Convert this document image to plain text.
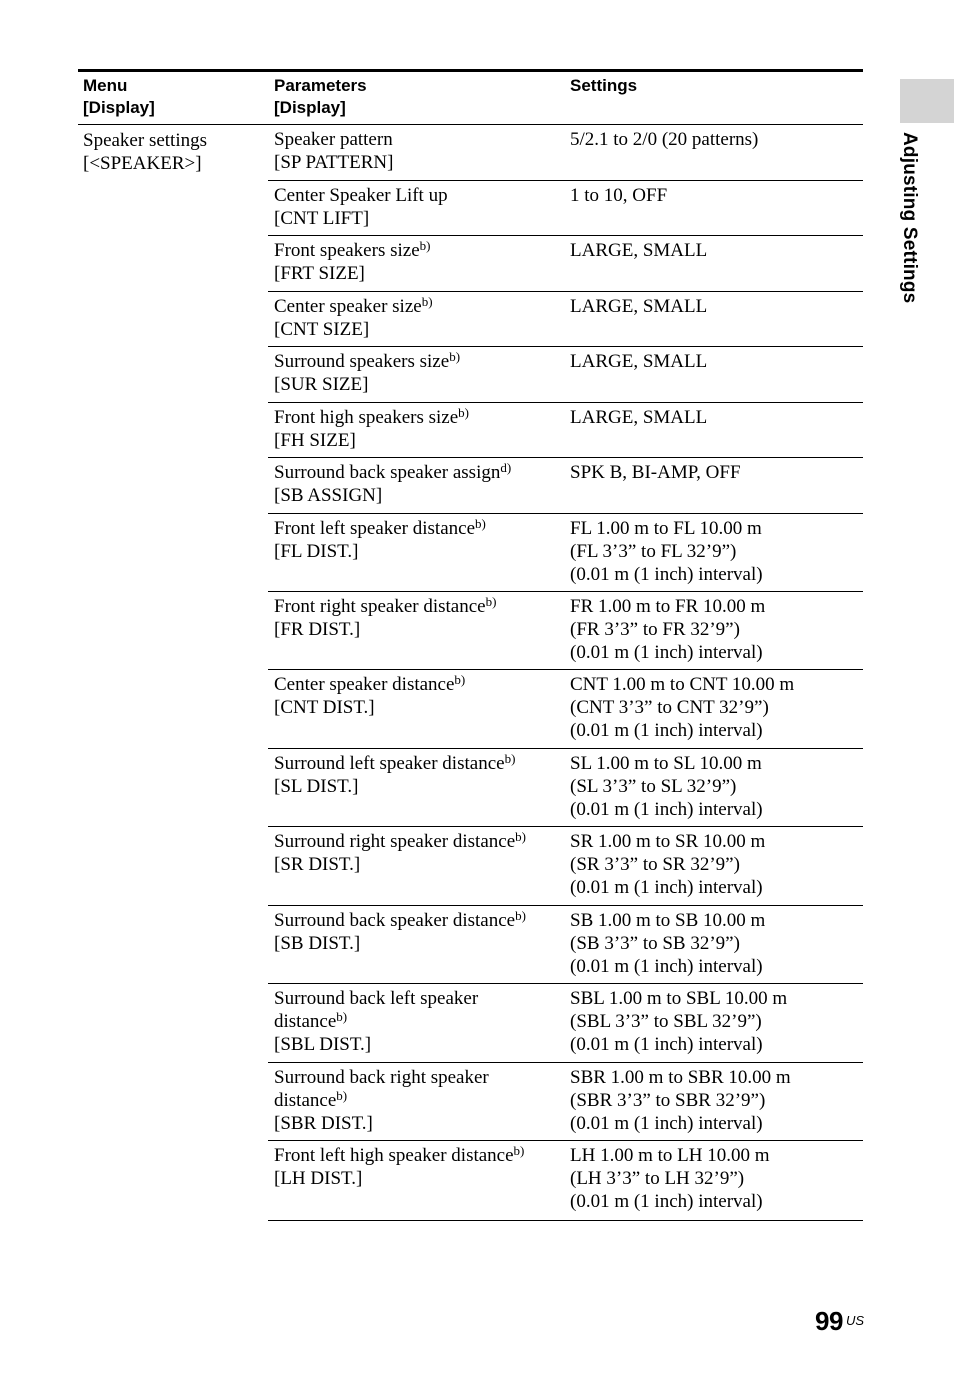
Adjusting Settings
Menu
[Display]
Parameters
[Display]
Settings
Speaker settings
[<SPEAKER>]
Speaker pattern
[SP PATTERN]
5/2.1 to 2/0 (20 patterns)
Center Speaker Lift up
[CNT LIFT]
1 to 10, OFF
Front speakers size$^{b)}$
[FRT SIZE]
LARGE, SMALL
Center speaker size$^{b)}$
[CNT SIZE]
LARGE, SMALL
Surround speakers size$^{b)}$
[SUR SIZE]
LARGE, SMALL
Front high speakers size$^{b)}$
[FH SIZE]
LARGE, SMALL
Surround back speaker assign$^{d)}$
[SB ASSIGN]
SPK B, BI-AMP, OFF
Front left speaker distance$^{b)}$
[FL DIST.]
FL 1.00 m to FL 10.00 m
(FL 3’3” to FL 32’9”)
(0.01 m (1 inch) interval)
Front right speaker distance$^{b)}$
[FR DIST.]
FR 1.00 m to FR 10.00 m
(FR 3’3” to FR 32’9”)
(0.01 m (1 inch) interval)
Center speaker distance$^{b)}$
[CNT DIST.]
CNT 1.00 m to CNT 10.00 m
(CNT 3’3” to CNT 32’9”)
(0.01 m (1 inch) interval)
Surround left speaker distance$^{b)}$
[SL DIST.]
SL 1.00 m to SL 10.00 m
(SL 3’3” to SL 32’9”)
(0.01 m (1 inch) interval)
Surround right speaker distance$^{b)}$
[SR DIST.]
SR 1.00 m to SR 10.00 m
(SR 3’3” to SR 32’9”)
(0.01 m (1 inch) interval)
Surround back speaker distance$^{b)}$
[SB DIST.]
SB 1.00 m to SB 10.00 m
(SB 3’3” to SB 32’9”)
(0.01 m (1 inch) interval)
Surround back left speaker
distance$^{b)}$
[SBL DIST.]
SBL 1.00 m to SBL 10.00 m
(SBL 3’3” to SBL 32’9”)
(0.01 m (1 inch) interval)
Surround back right speaker
distance$^{b)}$
[SBR DIST.]
SBR 1.00 m to SBR 10.00 m
(SBR 3’3” to SBR 32’9”)
(0.01 m (1 inch) interval)
Front left high speaker distance$^{b)}$
[LH DIST.]
LH 1.00 m to LH 10.00 m
(LH 3’3” to LH 32’9”)
(0.01 m (1 inch) interval)
99 US
